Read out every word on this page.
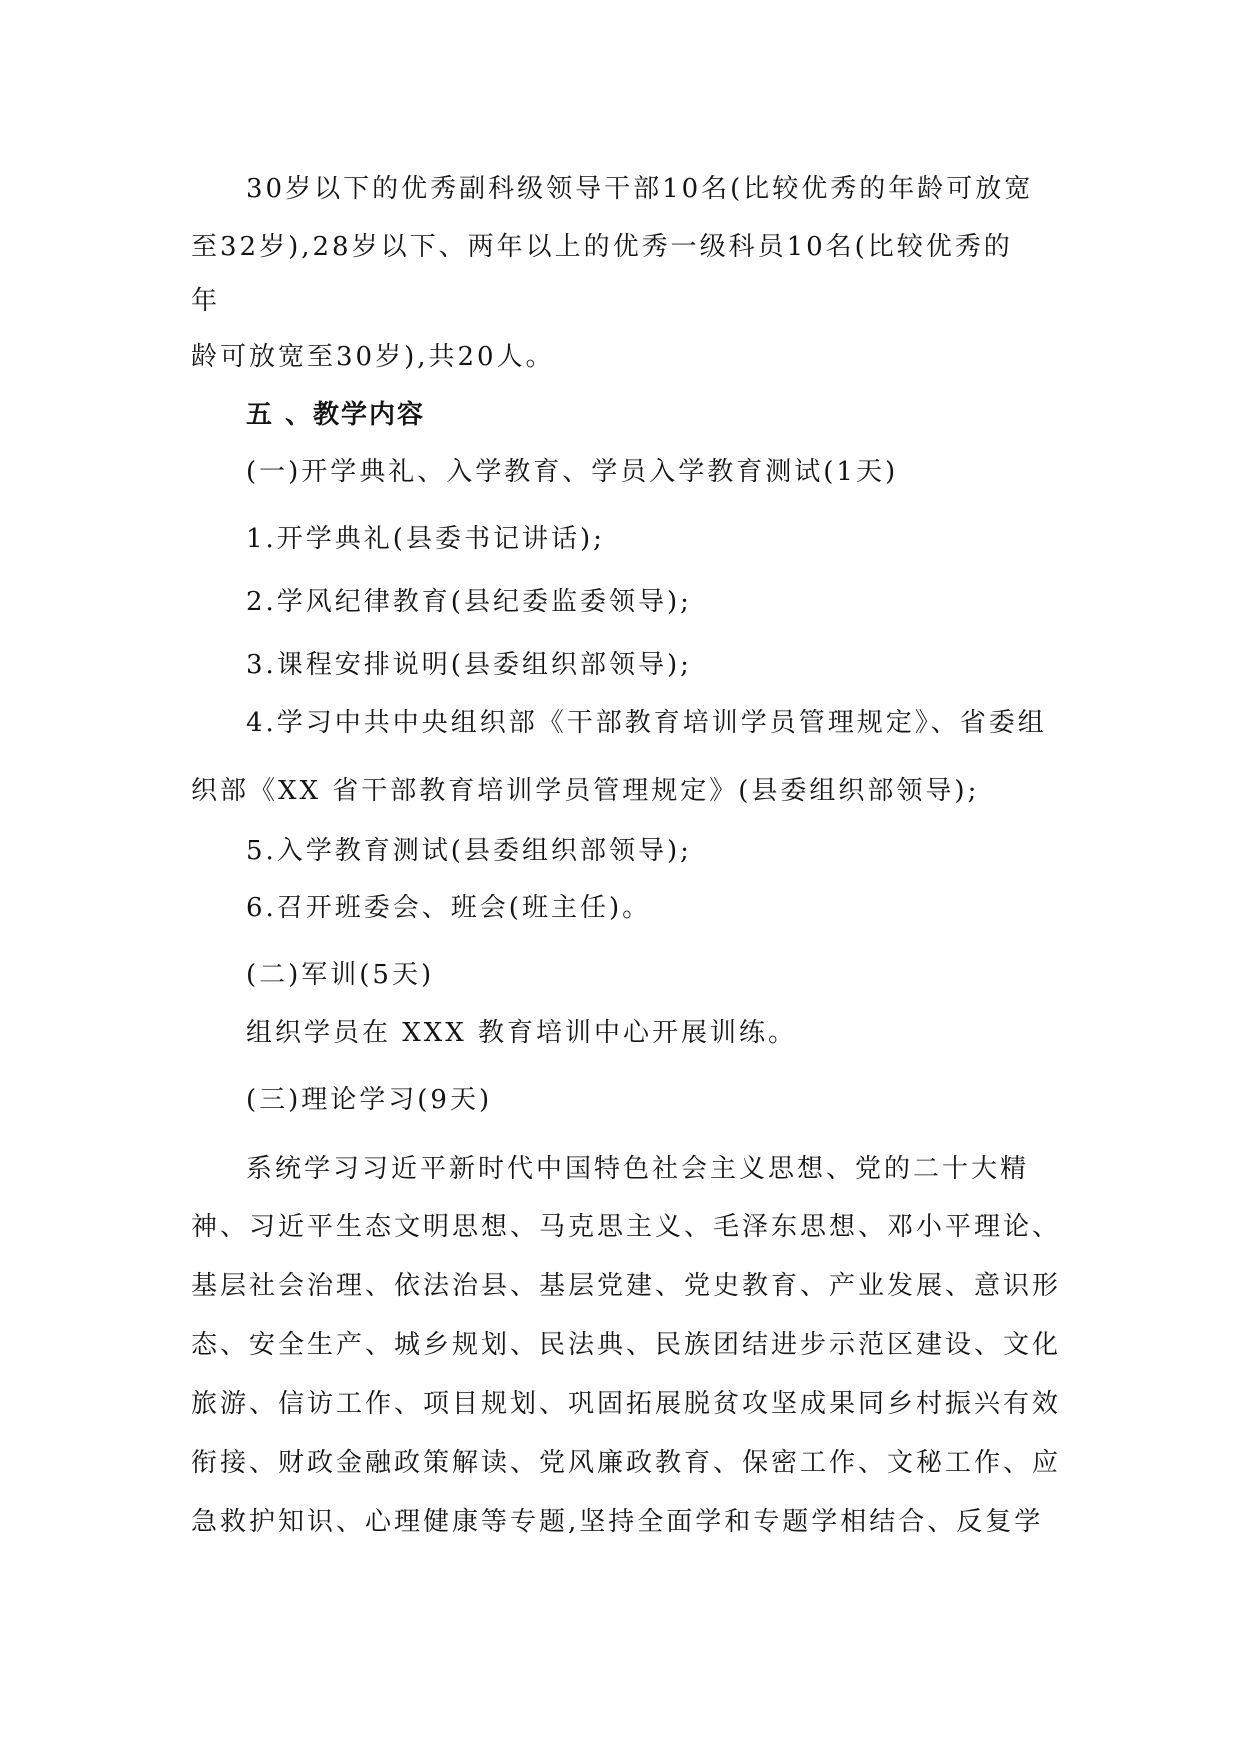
30岁以下的优秀副科级领导干部10名(比较优秀的年龄可放宽
至32岁),28岁以下、两年以上的优秀一级科员10名(比较优秀的
年
龄可放宽至30岁),共20人。
五 、教学内容
(一)开学典礼、入学教育、学员入学教育测试(1天)
1.开学典礼(县委书记讲话);
2.学风纪律教育(县纪委监委领导);
3.课程安排说明(县委组织部领导);
4.学习中共中央组织部《干部教育培训学员管理规定》、省委组
织部《XX 省干部教育培训学员管理规定》(县委组织部领导);
5.入学教育测试(县委组织部领导);
6.召开班委会、班会(班主任)。
(二)军训(5天)
组织学员在 XXX 教育培训中心开展训练。
(三)理论学习(9天)
系统学习习近平新时代中国特色社会主义思想、党的二十大精
神、习近平生态文明思想、马克思主义、毛泽东思想、邓小平理论、
基层社会治理、依法治县、基层党建、党史教育、产业发展、意识形
态、安全生产、城乡规划、民法典、民族团结进步示范区建设、文化
旅游、信访工作、项目规划、巩固拓展脱贫攻坚成果同乡村振兴有效
衔接、财政金融政策解读、党风廉政教育、保密工作、文秘工作、应
急救护知识、心理健康等专题,坚持全面学和专题学相结合、反复学
